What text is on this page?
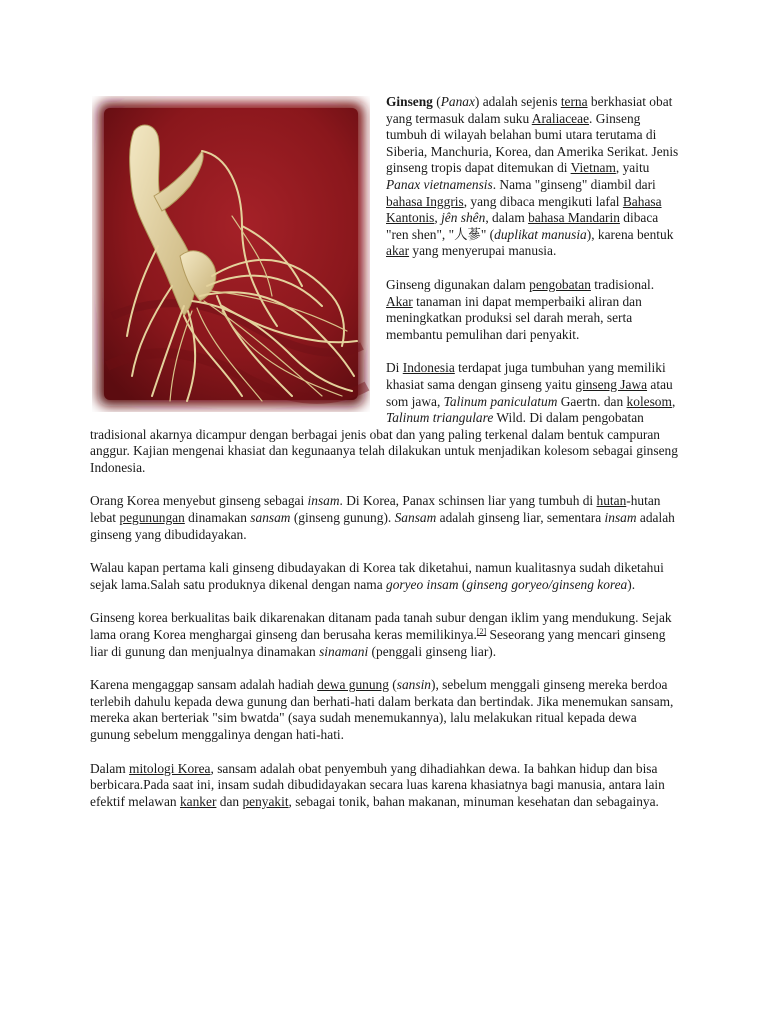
Ginseng (Panax) adalah sejenis terna berkhasiat obat yang termasuk dalam suku Araliaceae. Ginseng tumbuh di wilayah belahan bumi utara terutama di Siberia, Manchuria, Korea, dan Amerika Serikat. Jenis ginseng tropis dapat ditemukan di Vietnam, yaitu Panax vietnamensis. Nama "ginseng" diambil dari bahasa Inggris, yang dibaca mengikuti lafal Bahasa Kantonis, jên shên, dalam bahasa Mandarin dibaca "ren shen", "人蔘" (duplikat manusia), karena bentuk akar yang menyerupai manusia.

Ginseng digunakan dalam pengobatan tradisional. Akar tanaman ini dapat memperbaiki aliran dan meningkatkan produksi sel darah merah, serta membantu pemulihan dari penyakit.

Di Indonesia terdapat juga tumbuhan yang memiliki khasiat sama dengan ginseng yaitu ginseng Jawa atau som jawa, Talinum paniculatum Gaertn. dan kolesom, Talinum triangulare Wild. Di dalam pengobatan tradisional akarnya dicampur dengan berbagai jenis obat dan yang paling terkenal dalam bentuk campuran anggur. Kajian mengenai khasiat dan kegunaanya telah dilakukan untuk menjadikan kolesom sebagai ginseng Indonesia.

Orang Korea menyebut ginseng sebagai insam. Di Korea, Panax schinsen liar yang tumbuh di hutan-hutan lebat pegunungan dinamakan sansam (ginseng gunung). Sansam adalah ginseng liar, sementara insam adalah ginseng yang dibudidayakan.

Walau kapan pertama kali ginseng dibudayakan di Korea tak diketahui, namun kualitasnya sudah diketahui sejak lama.Salah satu produknya dikenal dengan nama goryeo insam (ginseng goryeo/ginseng korea).

Ginseng korea berkualitas baik dikarenakan ditanam pada tanah subur dengan iklim yang mendukung. Sejak lama orang Korea menghargai ginseng dan berusaha keras memilikinya.[2] Seseorang yang mencari ginseng liar di gunung dan menjualnya dinamakan sinamani (penggali ginseng liar).

Karena mengaggap sansam adalah hadiah dewa gunung (sansin), sebelum menggali ginseng mereka berdoa terlebih dahulu kepada dewa gunung dan berhati-hati dalam berkata dan bertindak. Jika menemukan sansam, mereka akan berteriak "sim bwatda" (saya sudah menemukannya), lalu melakukan ritual kepada dewa gunung sebelum menggalinya dengan hati-hati.

Dalam mitologi Korea, sansam adalah obat penyembuh yang dihadiahkan dewa. Ia bahkan hidup dan bisa berbicara.Pada saat ini, insam sudah dibudidayakan secara luas karena khasiatnya bagi manusia, antara lain efektif melawan kanker dan penyakit, sebagai tonik, bahan makanan, minuman kesehatan dan sebagainya.
